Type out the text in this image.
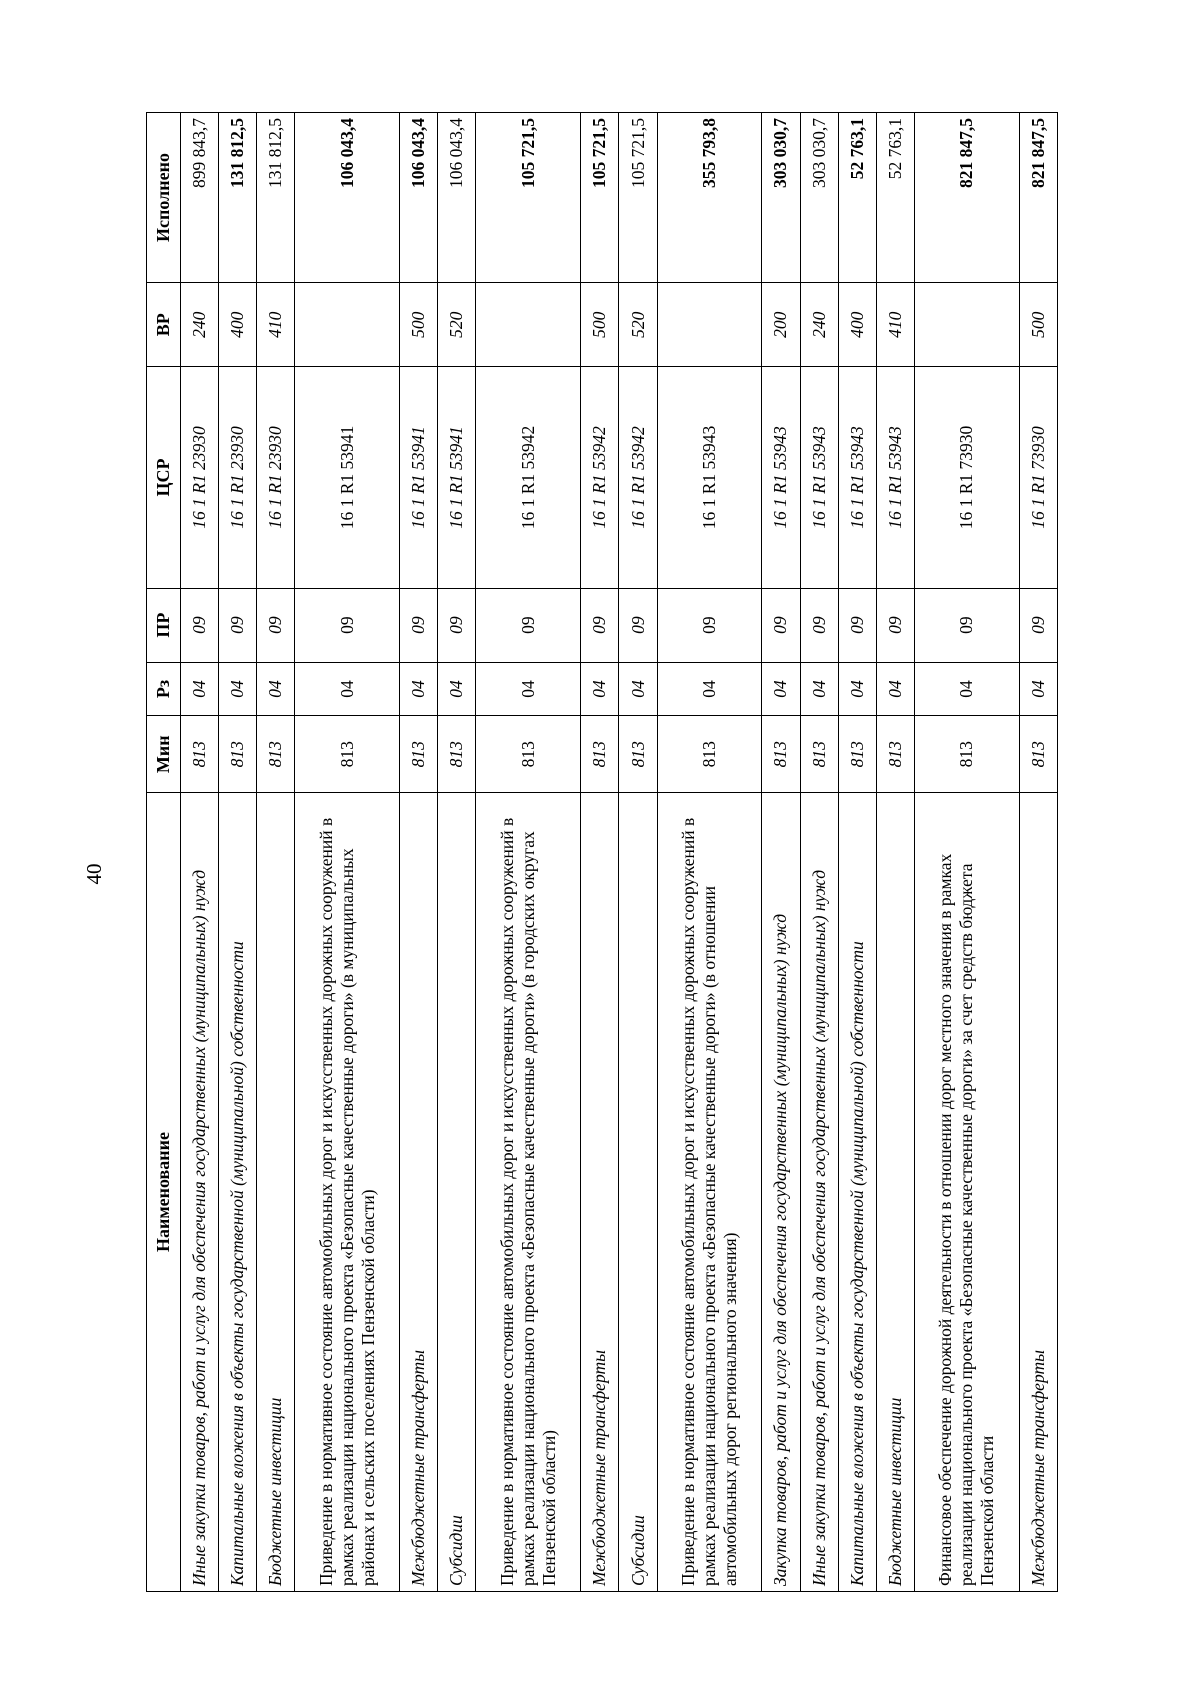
40
Наименование	Мин	Рз	ПР	ЦСР	ВР	Исполнено
Иные закупки товаров, работ и услуг для обеспечения государственных (муниципальных) нужд	813	04	09	16 1 R1 23930	240	899 843,7
Капитальные вложения в объекты государственной (муниципальной) собственности	813	04	09	16 1 R1 23930	400	131 812,5
Бюджетные инвестиции	813	04	09	16 1 R1 23930	410	131 812,5
Приведение в нормативное состояние автомобильных дорог и искусственных дорожных сооружений в рамках реализации национального проекта «Безопасные качественные дороги» (в муниципальных районах и сельских поселениях Пензенской области)	813	04	09	16 1 R1 53941		106 043,4
Межбюджетные трансферты	813	04	09	16 1 R1 53941	500	106 043,4
Субсидии	813	04	09	16 1 R1 53941	520	106 043,4
Приведение в нормативное состояние автомобильных дорог и искусственных дорожных сооружений в рамках реализации национального проекта «Безопасные качественные дороги» (в городских округах Пензенской области)	813	04	09	16 1 R1 53942		105 721,5
Межбюджетные трансферты	813	04	09	16 1 R1 53942	500	105 721,5
Субсидии	813	04	09	16 1 R1 53942	520	105 721,5
Приведение в нормативное состояние автомобильных дорог и искусственных дорожных сооружений в рамках реализации национального проекта «Безопасные качественные дороги» (в отношении автомобильных дорог регионального значения)	813	04	09	16 1 R1 53943		355 793,8
Закупка товаров, работ и услуг для обеспечения государственных (муниципальных) нужд	813	04	09	16 1 R1 53943	200	303 030,7
Иные закупки товаров, работ и услуг для обеспечения государственных (муниципальных) нужд	813	04	09	16 1 R1 53943	240	303 030,7
Капитальные вложения в объекты государственной (муниципальной) собственности	813	04	09	16 1 R1 53943	400	52 763,1
Бюджетные инвестиции	813	04	09	16 1 R1 53943	410	52 763,1
Финансовое обеспечение дорожной деятельности в отношении дорог местного значения в рамках реализации национального проекта «Безопасные качественные дороги» за счет средств бюджета Пензенской области	813	04	09	16 1 R1 73930		821 847,5
Межбюджетные трансферты	813	04	09	16 1 R1 73930	500	821 847,5
